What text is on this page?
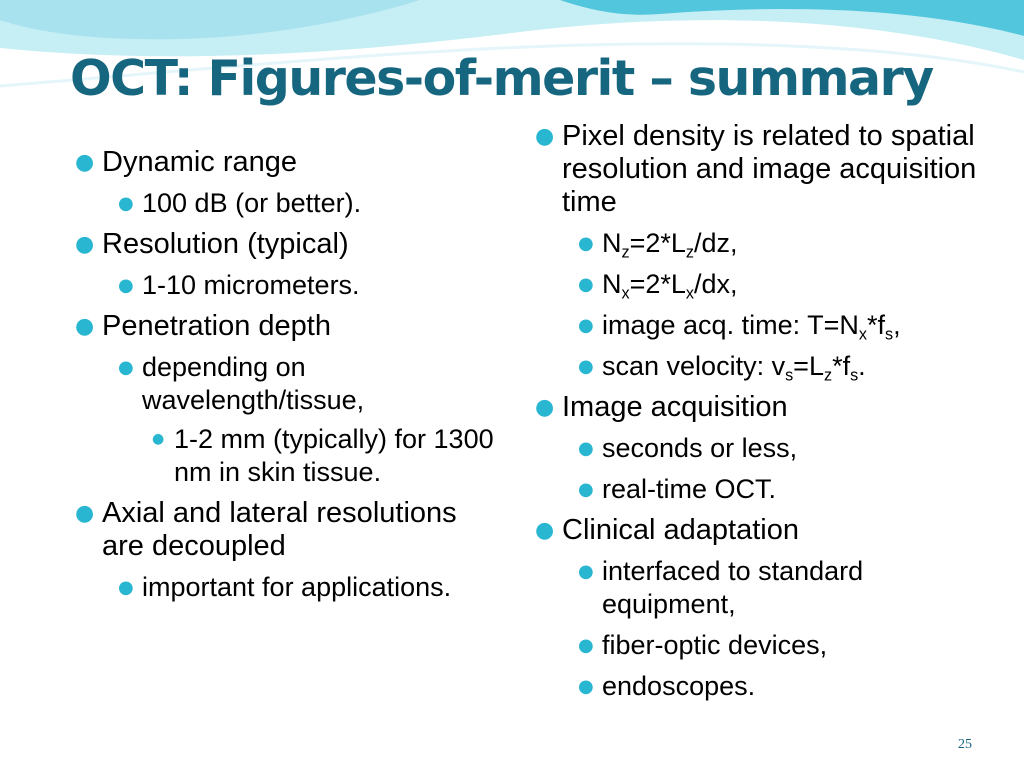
OCT: Figures-of-merit – summary
● Dynamic range
● 100 dB (or better).
● Resolution (typical)
● 1-10 micrometers.
● Penetration depth
● depending on wavelength/tissue,
● 1-2 mm (typically) for 1300 nm in skin tissue.
● Axial and lateral resolutions are decoupled
● important for applications.
● Pixel density is related to spatial resolution and image acquisition time
● $N_z=2*L_z/dz$,
● $N_x=2*L_x/dx$,
● image acq. time: $T=N_x*f_s$,
● scan velocity: $v_s=L_z*f_s$.
● Image acquisition
● seconds or less,
● real-time OCT.
● Clinical adaptation
● interfaced to standard equipment,
● fiber-optic devices,
● endoscopes.
25
